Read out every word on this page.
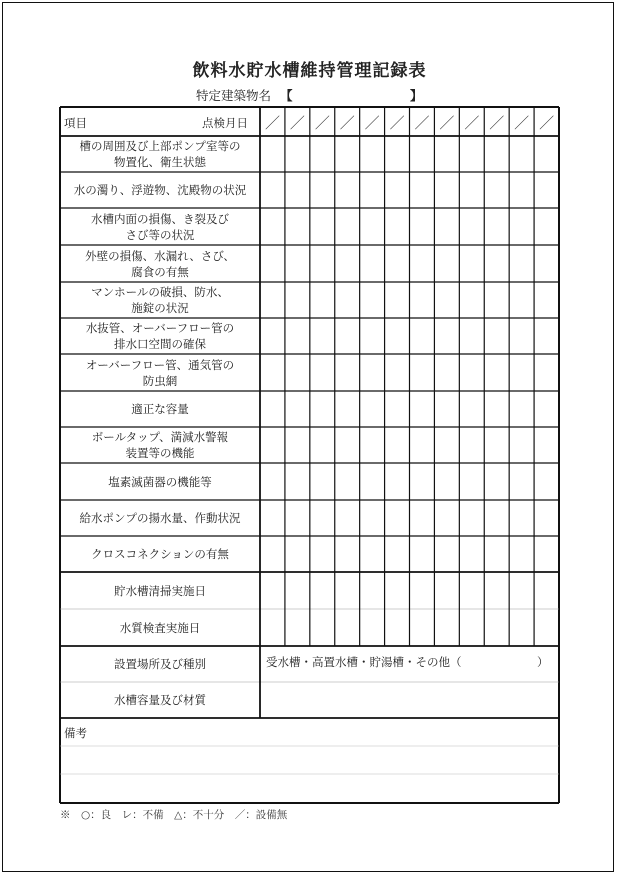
飲料水貯水槽維持管理記録表
特定建築物名 【	】
項目	点検月日	／ ／ ／ ／ ／ ／ ／ ／ ／ ／ ／ ／
槽の周囲及び上部ポンプ室等の
物置化、衛生状態
水の濁り、浮遊物、沈殿物の状況
水槽内面の損傷、き裂及び
さび等の状況
外壁の損傷、水漏れ、さび、
腐食の有無
マンホールの破損、防水、
施錠の状況
水抜管、オーバーフロー管の
排水口空間の確保
オーバーフロー管、通気管の
防虫網
適正な容量
ボールタップ、満減水警報
装置等の機能
塩素滅菌器の機能等
給水ポンプの揚水量、作動状況
クロスコネクションの有無
貯水槽清掃実施日
水質検査実施日
設置場所及び種別	受水槽・高置水槽・貯湯槽・その他（	）
水槽容量及び材質
備考
※　○：良　レ：不備　△：不十分　／：設備無
